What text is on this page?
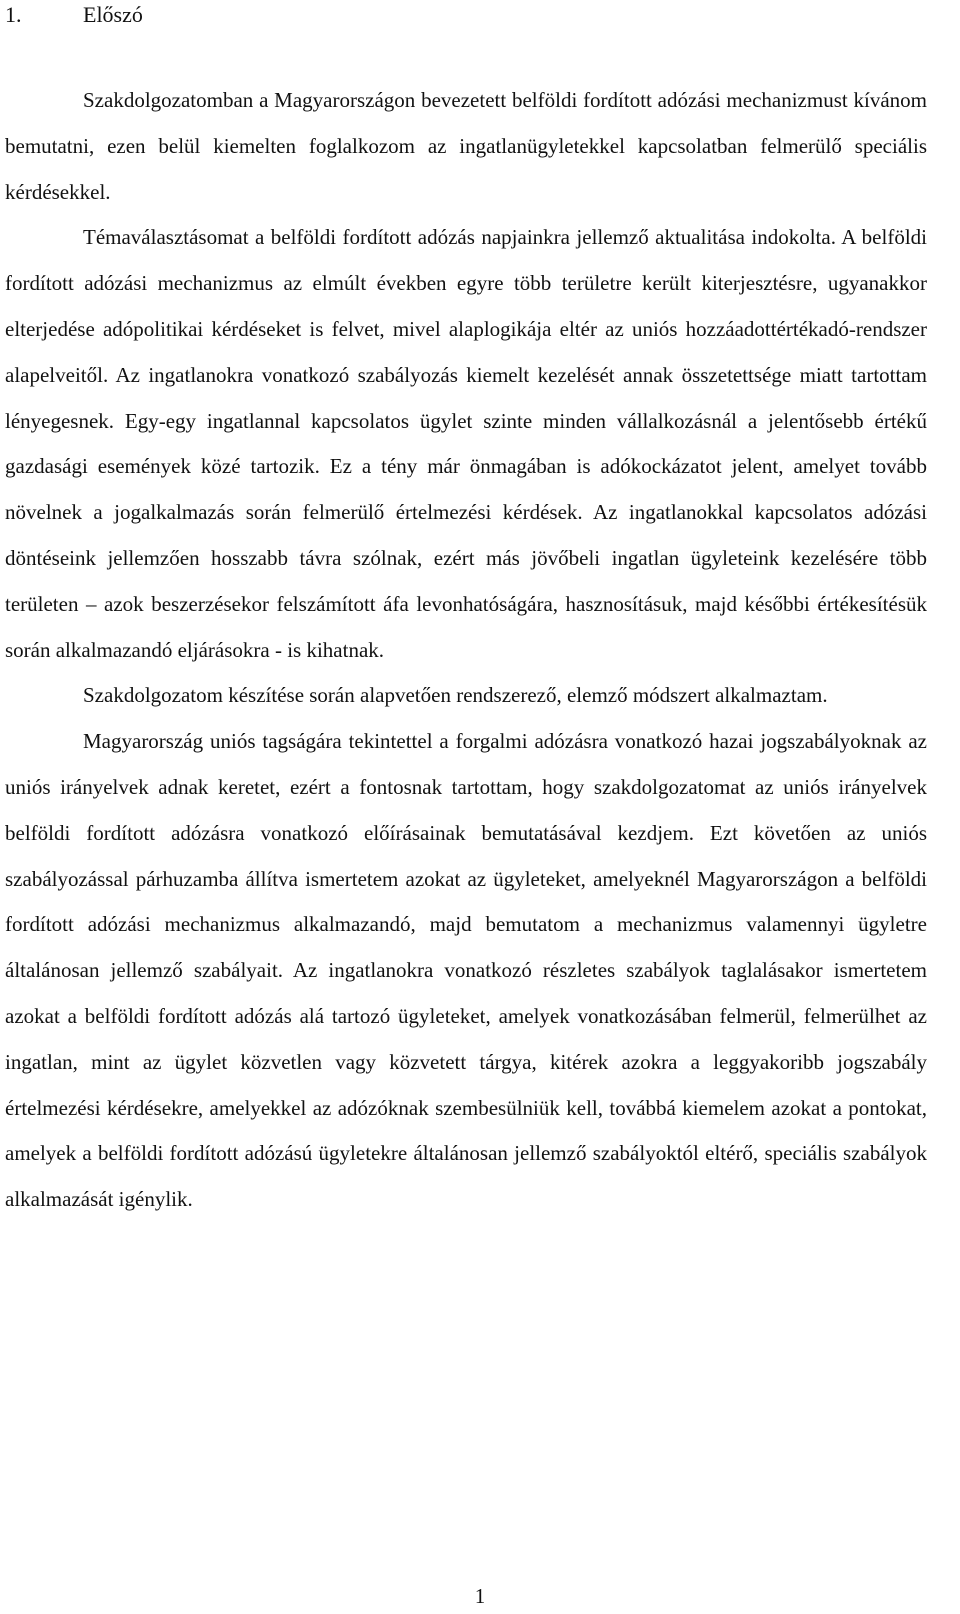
1.	Előszó

Szakdolgozatomban a Magyarországon bevezetett belföldi fordított adózási mechanizmust kívánom bemutatni, ezen belül kiemelten foglalkozom az ingatlanügyletekkel kapcsolatban felmerülő speciális kérdésekkel.

Témaválasztásomat a belföldi fordított adózás napjainkra jellemző aktualitása indokolta. A belföldi fordított adózási mechanizmus az elmúlt években egyre több területre került kiterjesztésre, ugyanakkor elterjedése adópolitikai kérdéseket is felvet, mivel alaplogikája eltér az uniós hozzáadottértékadó-rendszer alapelveitől. Az ingatlanokra vonatkozó szabályozás kiemelt kezelését annak összetettsége miatt tartottam lényegesnek. Egy-egy ingatlannal kapcsolatos ügylet szinte minden vállalkozásnál a jelentősebb értékű gazdasági események közé tartozik. Ez a tény már önmagában is adókockázatot jelent, amelyet tovább növelnek a jogalkalmazás során felmerülő értelmezési kérdések. Az ingatlanokkal kapcsolatos adózási döntéseink jellemzően hosszabb távra szólnak, ezért más jövőbeli ingatlan ügyleteink kezelésére több területen – azok beszerzésekor felszámított áfa levonhatóságára, hasznosításuk, majd későbbi értékesítésük során alkalmazandó eljárásokra - is kihatnak.

Szakdolgozatom készítése során alapvetően rendszerező, elemző módszert alkalmaztam.

Magyarország uniós tagságára tekintettel a forgalmi adózásra vonatkozó hazai jogszabályoknak az uniós irányelvek adnak keretet, ezért a fontosnak tartottam, hogy szakdolgozatomat az uniós irányelvek belföldi fordított adózásra vonatkozó előírásainak bemutatásával kezdjem. Ezt követően az uniós szabályozással párhuzamba állítva ismertetem azokat az ügyleteket, amelyeknél Magyarországon a belföldi fordított adózási mechanizmus alkalmazandó, majd bemutatom a mechanizmus valamennyi ügyletre általánosan jellemző szabályait. Az ingatlanokra vonatkozó részletes szabályok taglalásakor ismertetem azokat a belföldi fordított adózás alá tartozó ügyleteket, amelyek vonatkozásában felmerül, felmerülhet az ingatlan, mint az ügylet közvetlen vagy közvetett tárgya, kitérek azokra a leggyakoribb jogszabály értelmezési kérdésekre, amelyekkel az adózóknak szembesülniük kell, továbbá kiemelem azokat a pontokat, amelyek a belföldi fordított adózású ügyletekre általánosan jellemző szabályoktól eltérő, speciális szabályok alkalmazását igénylik.

1
